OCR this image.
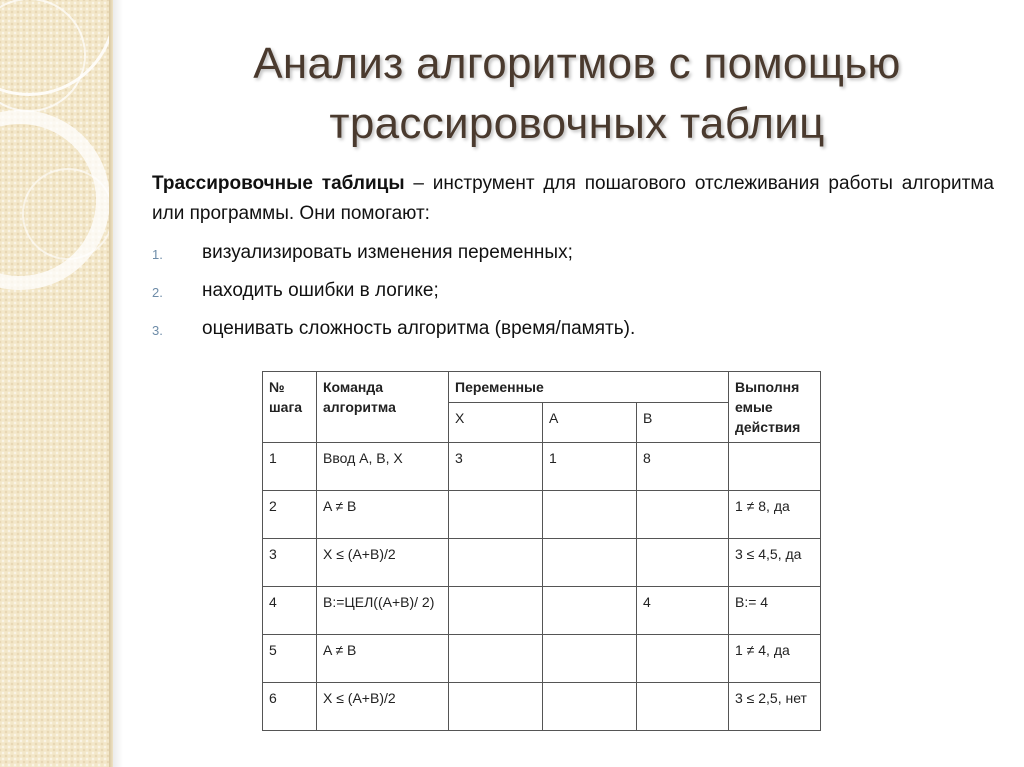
Анализ алгоритмов с помощью трассировочных таблиц

Трассировочные таблицы – инструмент для пошагового отслеживания работы алгоритма или программы. Они помогают:

1. визуализировать изменения переменных;
2. находить ошибки в логике;
3. оценивать сложность алгоритма (время/память).
№ шага	Команда алгоритма	Переменные			Выполня емые действия
		X	A	B	
1	Ввод A, B, X	3	1	8	
2	A ≠ B				1 ≠ 8, да
3	X ≤ (A+B)/2				3 ≤ 4,5, да
4	B:=ЦЕЛ((A+B)/ 2)			4	B:= 4
5	A ≠ B				1 ≠ 4, да
6	X ≤ (A+B)/2				3 ≤ 2,5, нет
